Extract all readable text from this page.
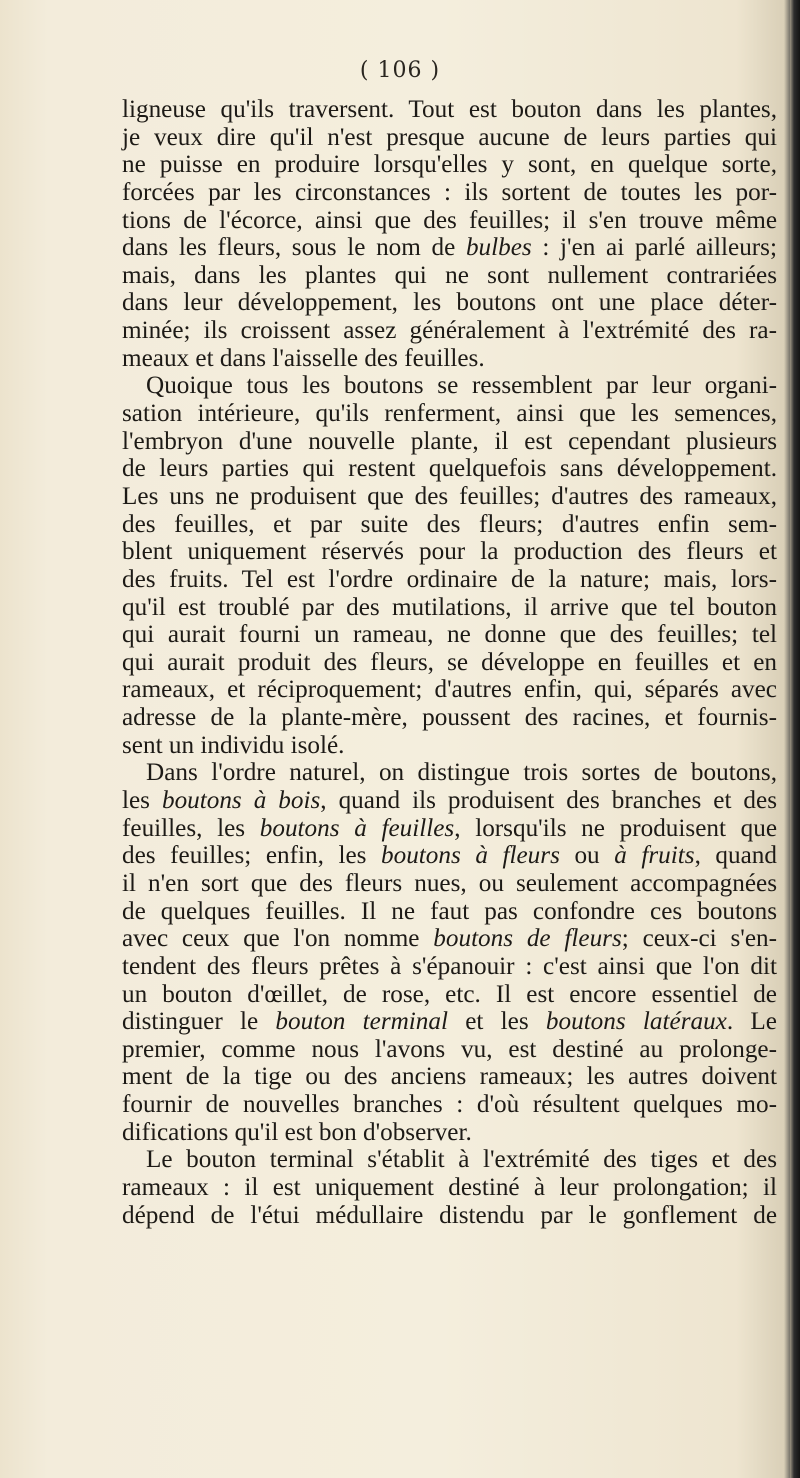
( 106 )
ligneuse qu'ils traversent. Tout est bouton dans les plantes,
je veux dire qu'il n'est presque aucune de leurs parties qui
ne puisse en produire lorsqu'elles y sont, en quelque sorte,
forcées par les circonstances : ils sortent de toutes les por-
tions de l'écorce, ainsi que des feuilles; il s'en trouve même
dans les fleurs, sous le nom de bulbes : j'en ai parlé ailleurs;
mais, dans les plantes qui ne sont nullement contrariées
dans leur développement, les boutons ont une place déter-
minée; ils croissent assez généralement à l'extrémité des ra-
meaux et dans l'aisselle des feuilles.
Quoique tous les boutons se ressemblent par leur organi-
sation intérieure, qu'ils renferment, ainsi que les semences,
l'embryon d'une nouvelle plante, il est cependant plusieurs
de leurs parties qui restent quelquefois sans développement.
Les uns ne produisent que des feuilles; d'autres des rameaux,
des feuilles, et par suite des fleurs; d'autres enfin sem-
blent uniquement réservés pour la production des fleurs et
des fruits. Tel est l'ordre ordinaire de la nature; mais, lors-
qu'il est troublé par des mutilations, il arrive que tel bouton
qui aurait fourni un rameau, ne donne que des feuilles; tel
qui aurait produit des fleurs, se développe en feuilles et en
rameaux, et réciproquement; d'autres enfin, qui, séparés avec
adresse de la plante-mère, poussent des racines, et fournis-
sent un individu isolé.
Dans l'ordre naturel, on distingue trois sortes de boutons,
les boutons à bois, quand ils produisent des branches et des
feuilles, les boutons à feuilles, lorsqu'ils ne produisent que
des feuilles; enfin, les boutons à fleurs ou à fruits, quand
il n'en sort que des fleurs nues, ou seulement accompagnées
de quelques feuilles. Il ne faut pas confondre ces boutons
avec ceux que l'on nomme boutons de fleurs; ceux-ci s'en-
tendent des fleurs prêtes à s'épanouir : c'est ainsi que l'on dit
un bouton d'œillet, de rose, etc. Il est encore essentiel de
distinguer le bouton terminal et les boutons latéraux. Le
premier, comme nous l'avons vu, est destiné au prolonge-
ment de la tige ou des anciens rameaux; les autres doivent
fournir de nouvelles branches : d'où résultent quelques mo-
difications qu'il est bon d'observer.
Le bouton terminal s'établit à l'extrémité des tiges et des
rameaux : il est uniquement destiné à leur prolongation; il
dépend de l'étui médullaire distendu par le gonflement de
